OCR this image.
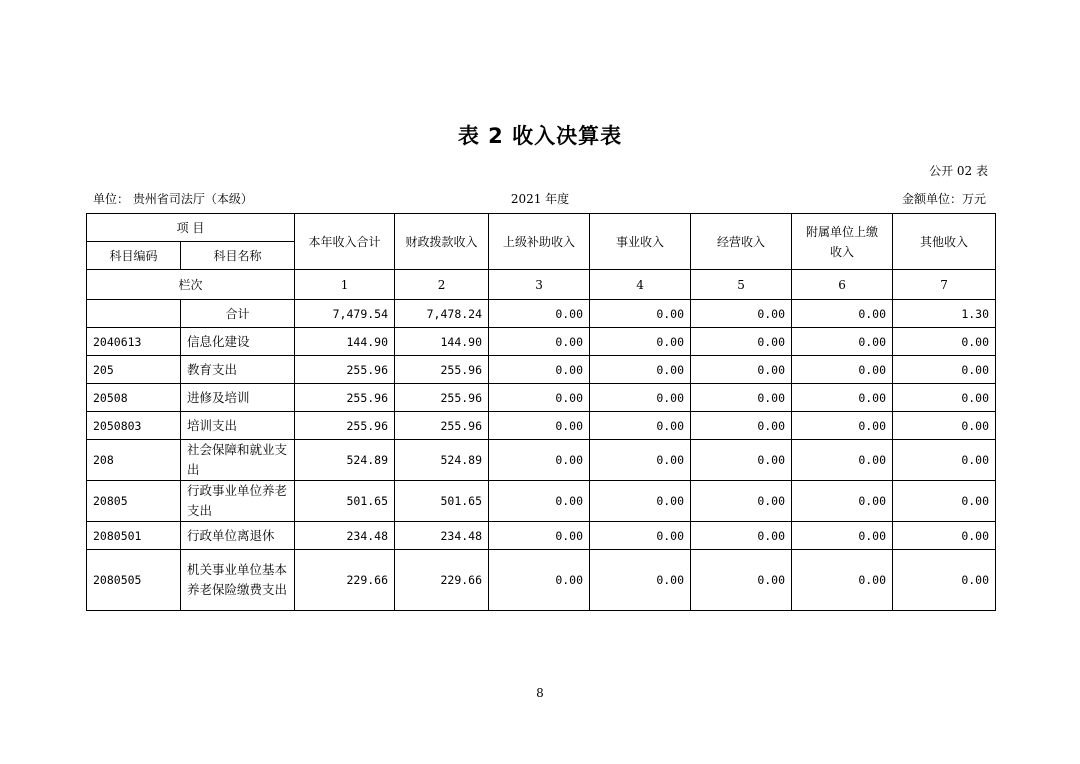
表 2 收入决算表
公开 02 表
单位： 贵州省司法厅（本级）	2021 年度	金额单位：万元
项 目		本年收入合计	财政拨款收入	上级补助收入	事业收入	经营收入	附属单位上缴收入	其他收入
科目编码	科目名称							
栏次		1	2	3	4	5	6	7
	合计	7,479.54	7,478.24	0.00	0.00	0.00	0.00	1.30
2040613	信息化建设	144.90	144.90	0.00	0.00	0.00	0.00	0.00
205	教育支出	255.96	255.96	0.00	0.00	0.00	0.00	0.00
20508	进修及培训	255.96	255.96	0.00	0.00	0.00	0.00	0.00
2050803	培训支出	255.96	255.96	0.00	0.00	0.00	0.00	0.00
208	社会保障和就业支出	524.89	524.89	0.00	0.00	0.00	0.00	0.00
20805	行政事业单位养老支出	501.65	501.65	0.00	0.00	0.00	0.00	0.00
2080501	行政单位离退休	234.48	234.48	0.00	0.00	0.00	0.00	0.00
2080505	机关事业单位基本养老保险缴费支出	229.66	229.66	0.00	0.00	0.00	0.00	0.00
8
